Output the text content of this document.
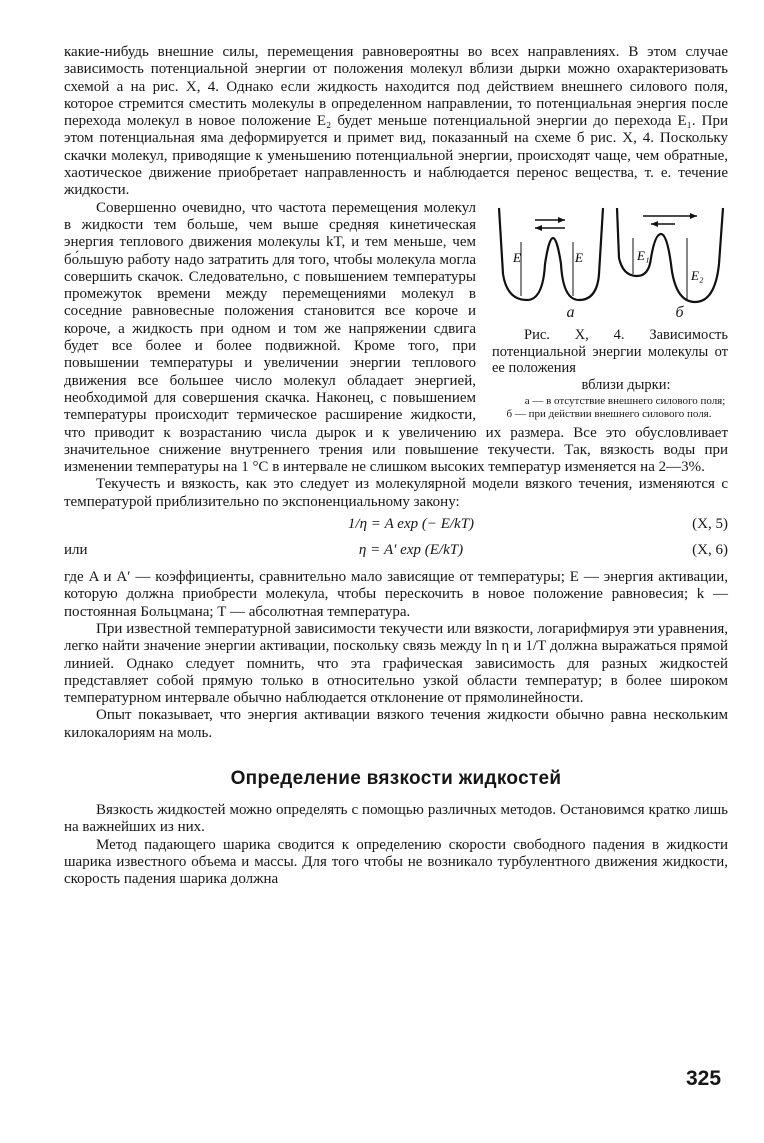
какие-нибудь внешние силы, перемещения равновероятны во всех направлениях. В этом случае зависимость потенциальной энергии от положения молекул вблизи дырки можно охарактеризовать схемой а на рис. X, 4. Однако если жидкость находится под действием внешнего силового поля, которое стремится сместить молекулы в определенном направлении, то потенциальная энергия после перехода молекул в новое положение E₂ будет меньше потенциальной энергии до перехода E₁. При этом потенциальная яма деформируется и примет вид, показанный на схеме б рис. X, 4. Поскольку скачки молекул, приводящие к уменьшению потенциальной энергии, происходят чаще, чем обратные, хаотическое движение приобретает направленность и наблюдается перенос вещества, т. е. течение жидкости.

E	E	E₁
E₂
а	б
Рис. X, 4. Зависимость потенциальной энергии молекулы от ее положения
вблизи дырки:
а — в отсутствие внешнего силового поля; б — при действии внешнего силового поля.
Совершенно очевидно, что частота перемещения молекул в жидкости тем больше, чем выше средняя кинетическая энергия теплового движения молекулы kT, и тем меньше, чем бо́льшую работу надо затратить для того, чтобы молекула могла совершить скачок. Следовательно, с повышением температуры промежуток времени между перемещениями молекул в соседние равновесные положения становится все короче и короче, а жидкость при одном и том же напряжении сдвига будет все более и более подвижной. Кроме того, при повышении температуры и увеличении энергии теплового движения все большее число молекул обладает энергией, необходимой для совершения скачка. Наконец, с повышением температуры происходит термическое расширение жидкости, что приводит к возрастанию числа дырок и к увеличению их размера. Все это обусловливает значительное снижение внутреннего трения или повышение текучести. Так, вязкость воды при изменении температуры на 1 °С в интервале не слишком высоких температур изменяется на 2—3%.

Текучесть и вязкость, как это следует из молекулярной модели вязкого течения, изменяются с температурой приблизительно по экспоненциальному закону:

1/η = A exp (− E/kT)	(X, 5)
или	η = A′ exp (E/kT)	(X, 6)

где A и A′ — коэффициенты, сравнительно мало зависящие от температуры; E — энергия активации, которую должна приобрести молекула, чтобы перескочить в новое положение равновесия; k — постоянная Больцмана; T — абсолютная температура.

При известной температурной зависимости текучести или вязкости, логарифмируя эти уравнения, легко найти значение энергии активации, поскольку связь между ln η и 1/T должна выражаться прямой линией. Однако следует помнить, что эта графическая зависимость для разных жидкостей представляет собой прямую только в относительно узкой области температур; в более широком температурном интервале обычно наблюдается отклонение от прямолинейности.

Опыт показывает, что энергия активации вязкого течения жидкости обычно равна нескольким килокалориям на моль.

Определение вязкости жидкостей

Вязкость жидкостей можно определять с помощью различных методов. Остановимся кратко лишь на важнейших из них.

Метод падающего шарика сводится к определению скорости свободного падения в жидкости шарика известного объема и массы. Для того чтобы не возникало турбулентного движения жидкости, скорость падения шарика должна

325
